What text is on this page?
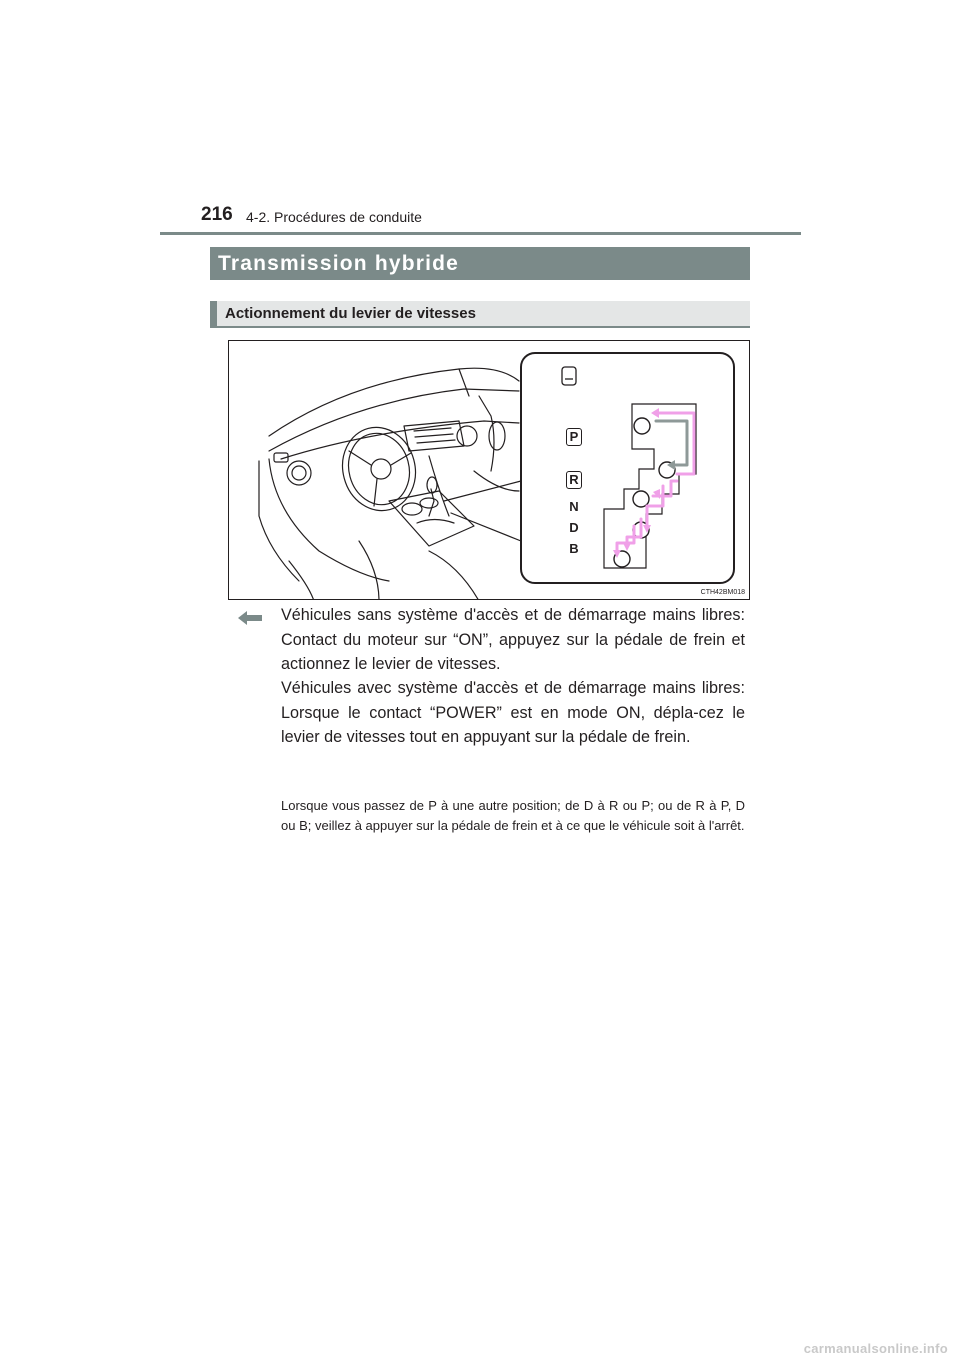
216 4-2. Procédures de conduite
Transmission hybride
Actionnement du levier de vitesses
P
R
N
D
B
CTH42BM018
Véhicules sans système d'accès et de démarrage mains libres: Contact du moteur sur “ON”, appuyez sur la pédale de frein et actionnez le levier de vitesses.
Véhicules avec système d'accès et de démarrage mains libres: Lorsque le contact “POWER” est en mode ON, dépla-cez le levier de vitesses tout en appuyant sur la pédale de frein.
Lorsque vous passez de P à une autre position; de D à R ou P; ou de R à P, D ou B; veillez à appuyer sur la pédale de frein et à ce que le véhicule soit à l'arrêt.
carmanualsonline.info
